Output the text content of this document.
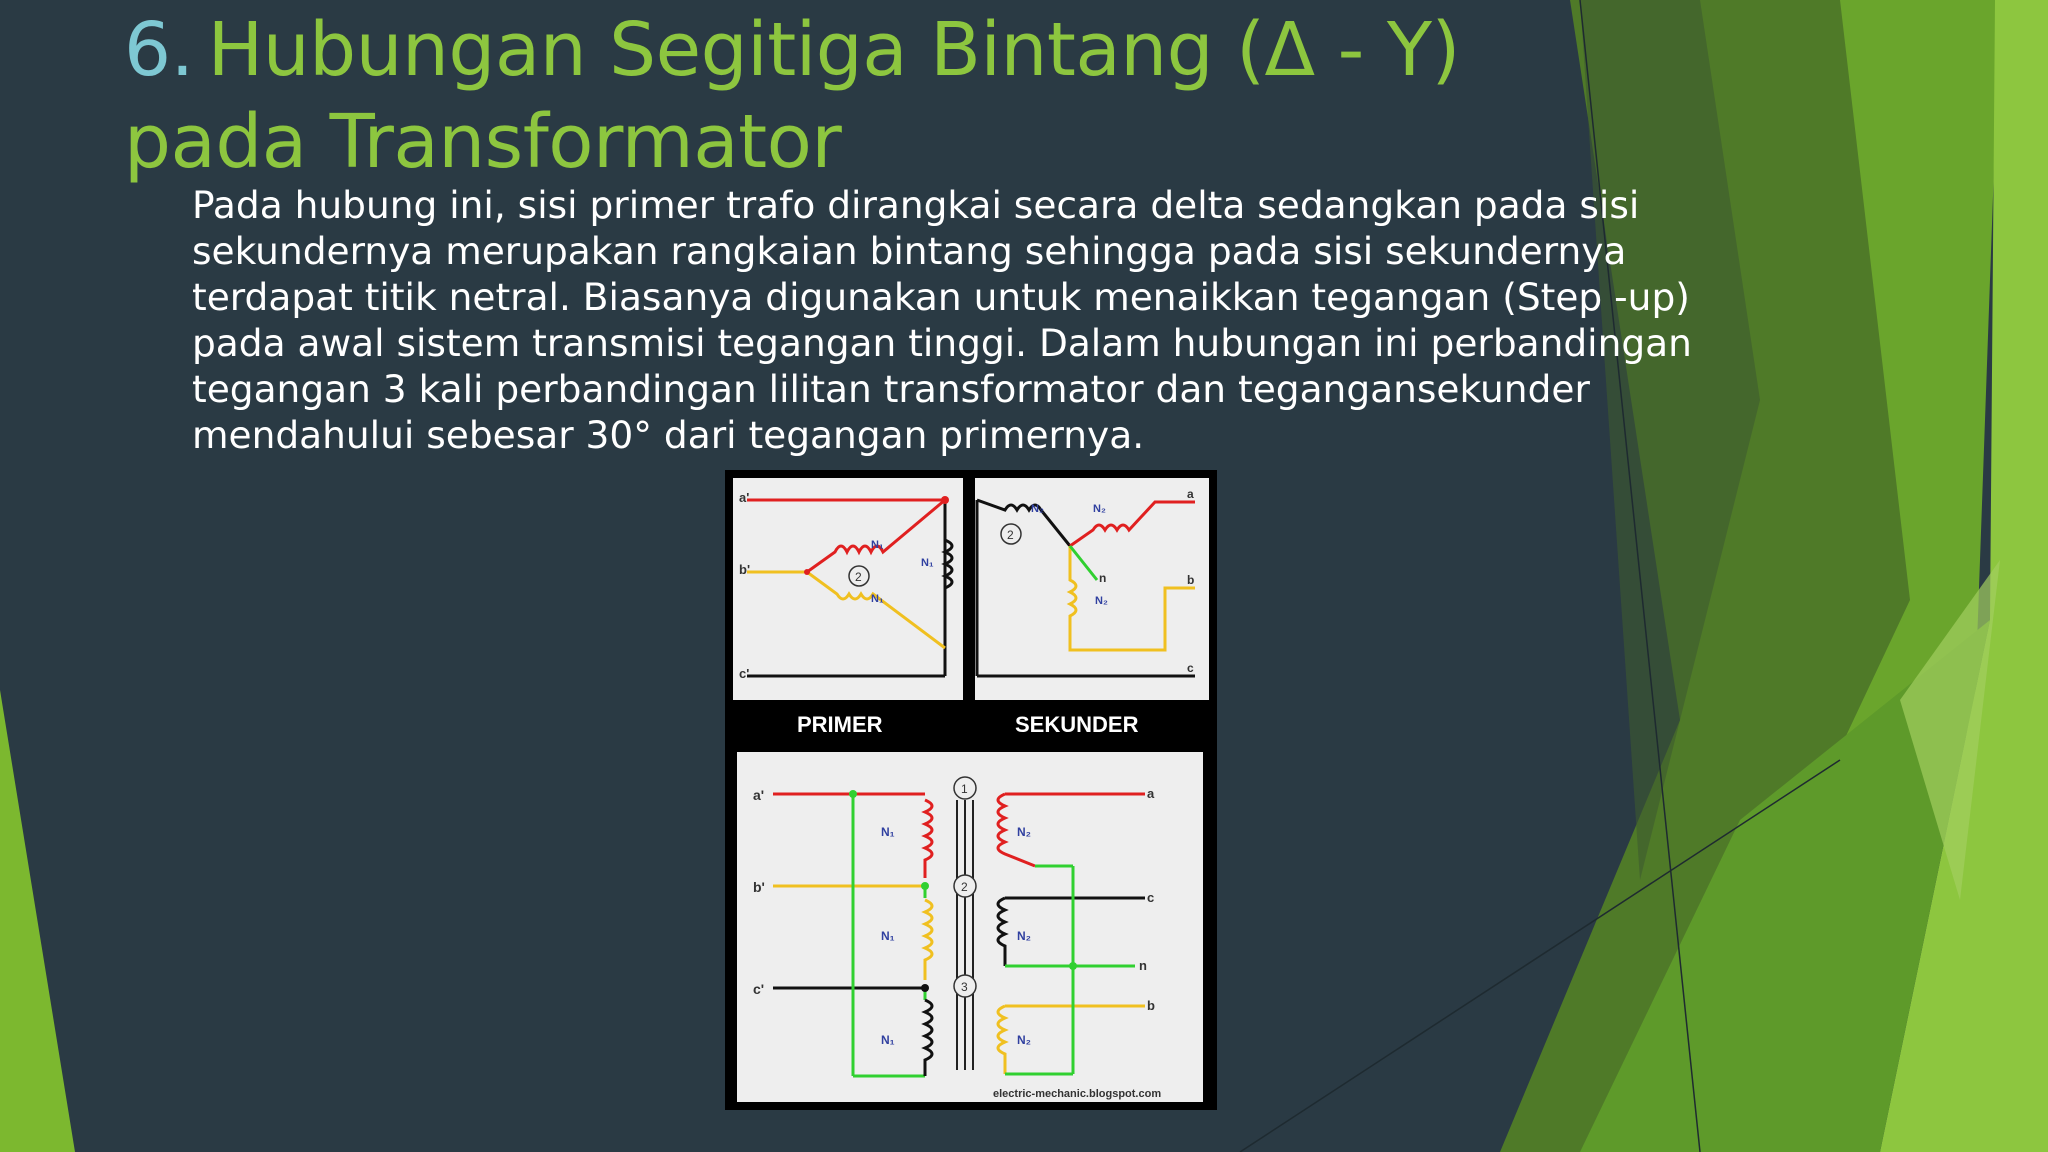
6. Hubungan Segitiga Bintang (Δ - Y)
pada Transformator

Pada hubung ini, sisi primer trafo dirangkai secara delta sedangkan pada sisi sekundernya merupakan rangkaian bintang sehingga pada sisi sekundernya terdapat titik netral. Biasanya digunakan untuk menaikkan tegangan (Step -up) pada awal sistem transmisi tegangan tinggi. Dalam hubungan ini perbandingan tegangan 3 kali perbandingan lilitan transformator dan tegangansekunder mendahului sebesar 30° dari tegangan primernya.

2
a'
b'
c'
N₁
N₁
N₁
2
a
b
c
n
N₂	N₂
N₂
PRIMER	SEKUNDER
1
2
3
a'
b'
c'
a
c
n
b
N₁
N₁
N₁
N₂
N₂
N₂
electric-mechanic.blogspot.com
